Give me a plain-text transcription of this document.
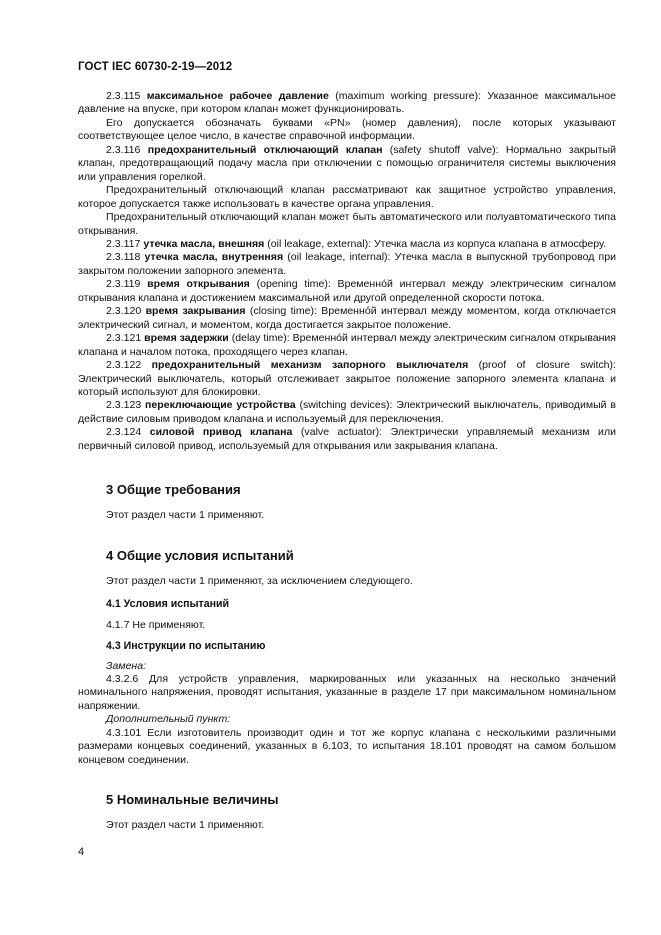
ГОСТ IEC 60730-2-19—2012

2.3.115 максимальное рабочее давление (maximum working pressure): Указанное максимальное давление на впуске, при котором клапан может функционировать.

Его допускается обозначать буквами «PN» (номер давления), после которых указывают соответствующее целое число, в качестве справочной информации.

2.3.116 предохранительный отключающий клапан (safety shutoff valve): Нормально закрытый клапан, предотвращающий подачу масла при отключении с помощью ограничителя системы выключения или управления горелкой.

Предохранительный отключающий клапан рассматривают как защитное устройство управления, которое допускается также использовать в качестве органа управления.

Предохранительный отключающий клапан может быть автоматического или полуавтоматического типа открывания.

2.3.117 утечка масла, внешняя (oil leakage, external): Утечка масла из корпуса клапана в атмосферу.

2.3.118 утечка масла, внутренняя (oil leakage, internal): Утечка масла в выпускной трубопровод при закрытом положении запорного элемента.

2.3.119 время открывания (opening time): Временнóй интервал между электрическим сигналом открывания клапана и достижением максимальной или другой определенной скорости потока.

2.3.120 время закрывания (closing time): Временнóй интервал между моментом, когда отключается электрический сигнал, и моментом, когда достигается закрытое положение.

2.3.121 время задержки (delay time): Временнóй интервал между электрическим сигналом открывания клапана и началом потока, проходящего через клапан.

2.3.122 предохранительный механизм запорного выключателя (proof of closure switch): Электрический выключатель, который отслеживает закрытое положение запорного элемента клапана и который используют для блокировки.

2.3.123 переключающие устройства (switching devices): Электрический выключатель, приводимый в действие силовым приводом клапана и используемый для переключения.

2.3.124 силовой привод клапана (valve actuator): Электрически управляемый механизм или первичный силовой привод, используемый для открывания или закрывания клапана.

3 Общие требования

Этот раздел части 1 применяют.

4 Общие условия испытаний

Этот раздел части 1 применяют, за исключением следующего.

4.1 Условия испытаний

4.1.7 Не применяют.

4.3 Инструкции по испытанию

Замена:

4.3.2.6 Для устройств управления, маркированных или указанных на несколько значений номинального напряжения, проводят испытания, указанные в разделе 17 при максимальном номинальном напряжении.

Дополнительный пункт:

4.3.101 Если изготовитель производит один и тот же корпус клапана с несколькими различными размерами концевых соединений, указанных в 6.103, то испытания 18.101 проводят на самом большом концевом соединении.

5 Номинальные величины

Этот раздел части 1 применяют.

4
